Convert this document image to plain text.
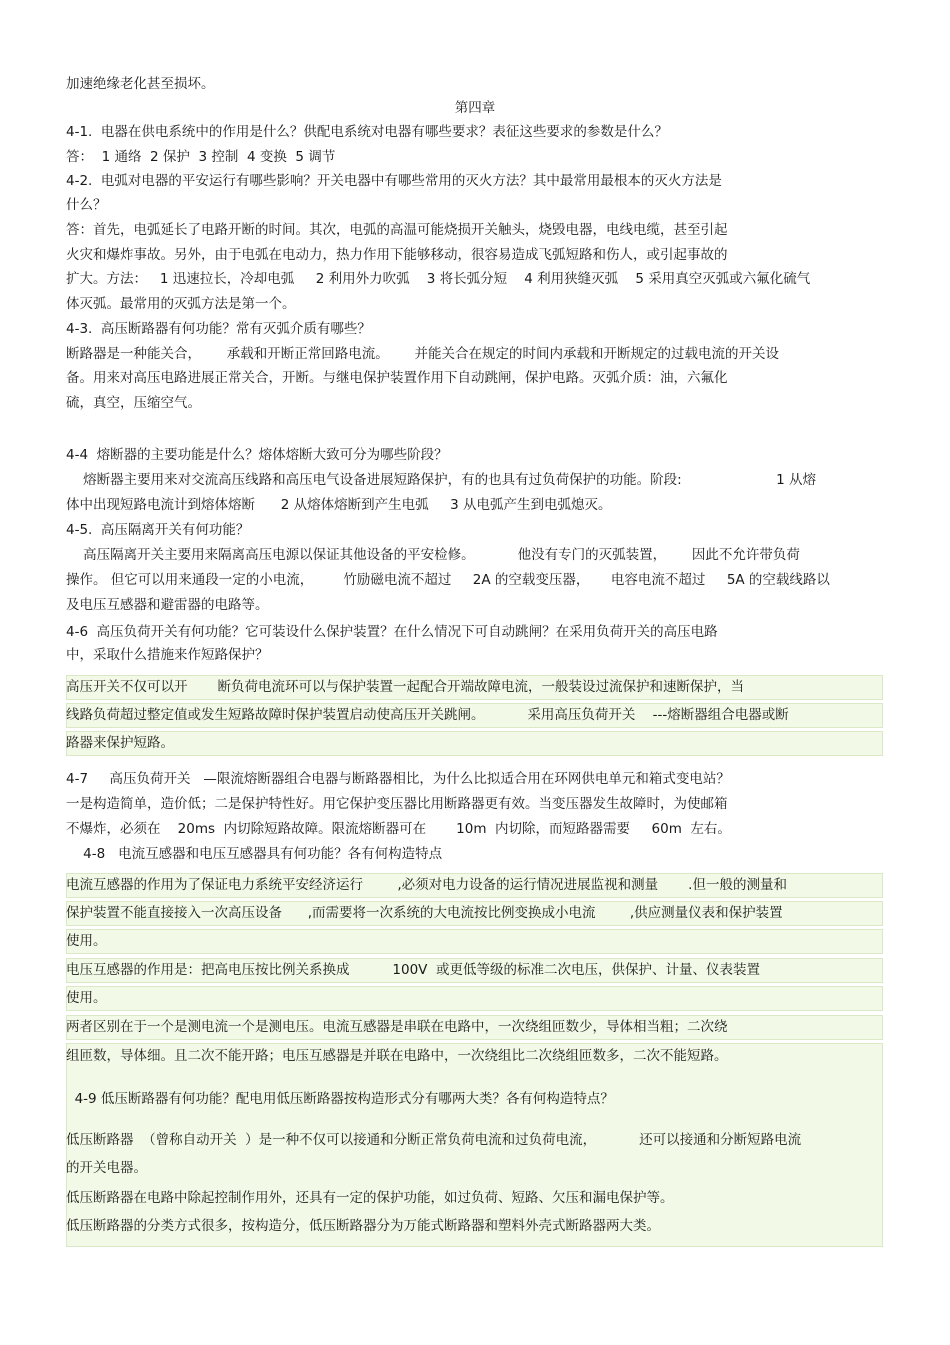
加速绝缘老化甚至损坏。
第四章
4-1.  电器在供电系统中的作用是什么？供配电系统对电器有哪些要求？表征这些要求的参数是什么？
答：  1 通络  2 保护  3 控制  4 变换  5 调节
4-2.  电弧对电器的平安运行有哪些影响？开关电器中有哪些常用的灭火方法？其中最常用最根本的灭火方法是
什么？
答：首先，电弧延长了电路开断的时间。其次，电弧的高温可能烧损开关触头，烧毁电器，电线电缆，甚至引起
火灾和爆炸事故。另外，由于电弧在电动力，热力作用下能够移动，很容易造成飞弧短路和伤人，或引起事故的
扩大。方法：   1 迅速拉长，冷却电弧     2 利用外力吹弧    3 将长弧分短    4 利用狭缝灭弧    5 采用真空灭弧或六氟化硫气
体灭弧。最常用的灭弧方法是第一个。
4-3.  高压断路器有何功能？常有灭弧介质有哪些？
断路器是一种能关合，      承载和开断正常回路电流。      并能关合在规定的时间内承载和开断规定的过载电流的开关设
备。用来对高压电路进展正常关合，开断。与继电保护装置作用下自动跳闸，保护电路。灭弧介质：油，六氟化
硫，真空，压缩空气。
4-4  熔断器的主要功能是什么？熔体熔断大致可分为哪些阶段？
熔断器主要用来对交流高压线路和高压电气设备进展短路保护，有的也具有过负荷保护的功能。阶段:                      1 从熔
体中出现短路电流计到熔体熔断      2 从熔体熔断到产生电弧     3 从电弧产生到电弧熄灭。
4-5.  高压隔离开关有何功能？
高压隔离开关主要用来隔离高压电源以保证其他设备的平安检修。          他没有专门的灭弧装置，      因此不允许带负荷
操作。 但它可以用来通段一定的小电流，       竹励磁电流不超过     2A 的空载变压器，     电容电流不超过     5A 的空载线路以
及电压互感器和避雷器的电路等。
4-6  高压负荷开关有何功能？它可装设什么保护装置？在什么情况下可自动跳闸？在采用负荷开关的高压电路
中，采取什么措施来作短路保护？
高压开关不仅可以开       断负荷电流环可以与保护装置一起配合开端故障电流，一般装设过流保护和速断保护，当
线路负荷超过整定值或发生短路故障时保护装置启动使高压开关跳闸。          采用高压负荷开关    ---熔断器组合电器或断
路器来保护短路。
4-7     高压负荷开关   —限流熔断器组合电器与断路器相比，为什么比拟适合用在环网供电单元和箱式变电站？
一是构造简单，造价低；二是保护特性好。用它保护变压器比用断路器更有效。当变压器发生故障时，为使邮箱
不爆炸，必须在    20ms  内切除短路故障。限流熔断器可在       10m  内切除，而短路器需要     60m  左右。
4-8   电流互感器和电压互感器具有何功能？各有何构造特点
电流互感器的作用为了保证电力系统平安经济运行        ,必须对电力设备的运行情况进展监视和测量       .但一般的测量和
保护装置不能直接接入一次高压设备      ,而需要将一次系统的大电流按比例变换成小电流        ,供应测量仪表和保护装置
使用。
电压互感器的作用是：把高电压按比例关系换成          100V  或更低等级的标准二次电压，供保护、计量、仪表装置
使用。
两者区别在于一个是测电流一个是测电压。电流互感器是串联在电路中，一次绕组匝数少，导体相当粗；二次绕
组匝数，导体细。且二次不能开路；电压互感器是并联在电路中，一次绕组比二次绕组匝数多，二次不能短路。
4-9 低压断路器有何功能？配电用低压断路器按构造形式分有哪两大类？各有何构造特点？
低压断路器  （曾称自动开关  ）是一种不仅可以接通和分断正常负荷电流和过负荷电流，          还可以接通和分断短路电流
的开关电器。
低压断路器在电路中除起控制作用外，还具有一定的保护功能，如过负荷、短路、欠压和漏电保护等。
低压断路器的分类方式很多，按构造分，低压断路器分为万能式断路器和塑料外壳式断路器两大类。
